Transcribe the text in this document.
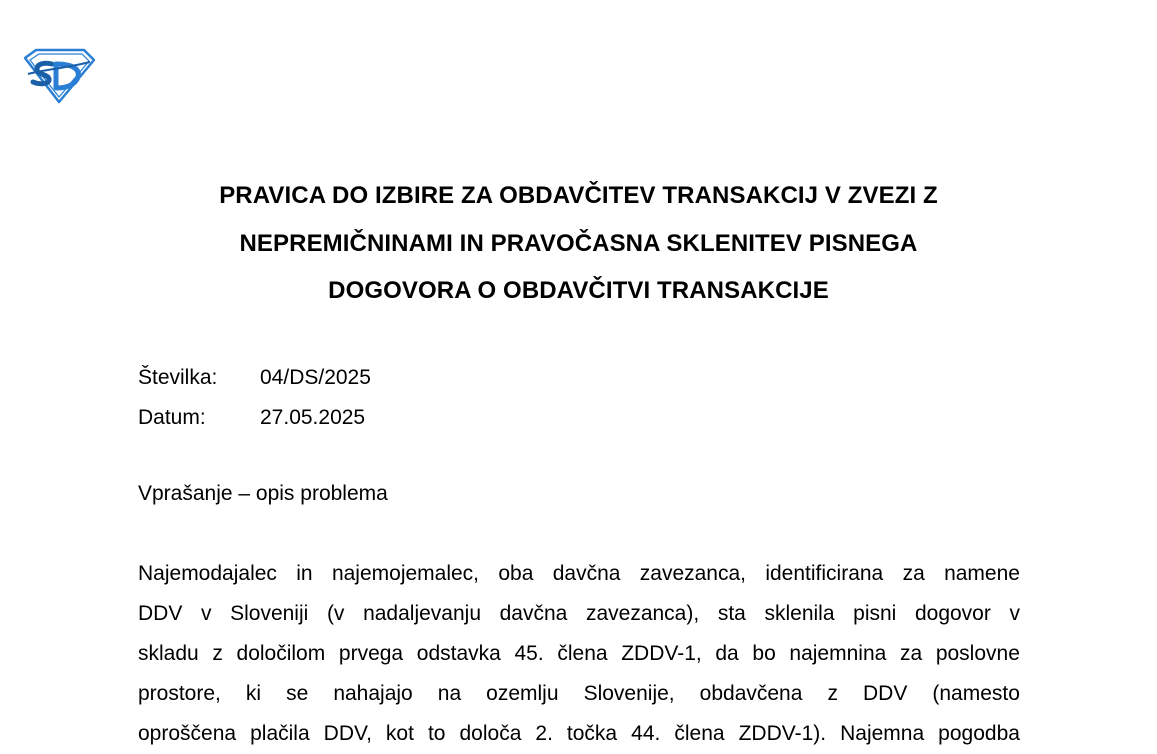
PRAVICA DO IZBIRE ZA OBDAVČITEV TRANSAKCIJ V ZVEZI Z
NEPREMIČNINAMI IN PRAVOČASNA SKLENITEV PISNEGA
DOGOVORA O OBDAVČITVI TRANSAKCIJE
Številka: 04/DS/2025
Datum:	27.05.2025
Vprašanje – opis problema
Najemodajalec in najemojemalec, oba davčna zavezanca, identificirana za namene
DDV v Sloveniji (v nadaljevanju davčna zavezanca), sta sklenila pisni dogovor v
skladu z določilom prvega odstavka 45. člena ZDDV-1, da bo najemnina za poslovne
prostore, ki se nahajajo na ozemlju Slovenije, obdavčena z DDV (namesto
oproščena plačila DDV, kot to določa 2. točka 44. člena ZDDV-1). Najemna pogodba
